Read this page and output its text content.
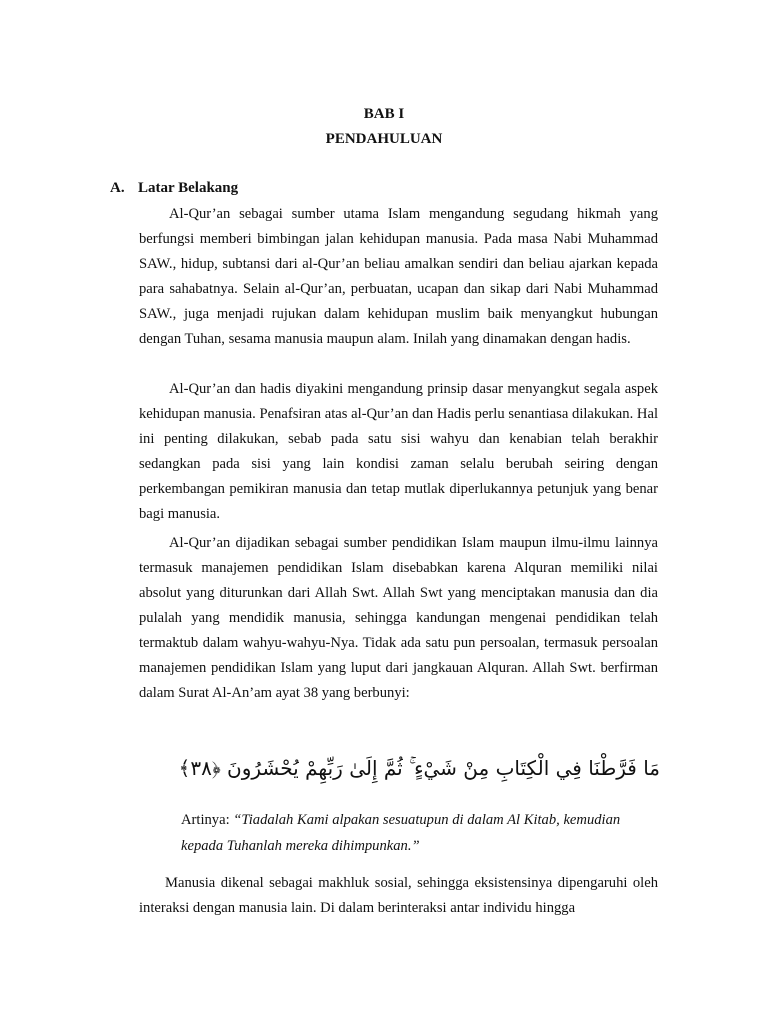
BAB I
PENDAHULUAN
A. Latar Belakang

Al-Qur’an sebagai sumber utama Islam mengandung segudang hikmah yang berfungsi memberi bimbingan jalan kehidupan manusia. Pada masa Nabi Muhammad SAW., hidup, subtansi dari al-Qur’an beliau amalkan sendiri dan beliau ajarkan kepada para sahabatnya. Selain al-Qur’an, perbuatan, ucapan dan sikap dari Nabi Muhammad SAW., juga menjadi rujukan dalam kehidupan muslim baik menyangkut hubungan dengan Tuhan, sesama manusia maupun alam. Inilah yang dinamakan dengan hadis.

Al-Qur’an dan hadis diyakini mengandung prinsip dasar menyangkut segala aspek kehidupan manusia. Penafsiran atas al-Qur’an dan Hadis perlu senantiasa dilakukan. Hal ini penting dilakukan, sebab pada satu sisi wahyu dan kenabian telah berakhir sedangkan pada sisi yang lain kondisi zaman selalu berubah seiring dengan perkembangan pemikiran manusia dan tetap mutlak diperlukannya petunjuk yang benar bagi manusia.

Al-Qur’an dijadikan sebagai sumber pendidikan Islam maupun ilmu-ilmu lainnya termasuk manajemen pendidikan Islam disebabkan karena Alquran memiliki nilai absolut yang diturunkan dari Allah Swt. Allah Swt yang menciptakan manusia dan dia pulalah yang mendidik manusia, sehingga kandungan mengenai pendidikan telah termaktub dalam wahyu-wahyu-Nya. Tidak ada satu pun persoalan, termasuk persoalan manajemen pendidikan Islam yang luput dari jangkauan Alquran. Allah Swt. berfirman dalam Surat Al-An’am ayat 38 yang berbunyi:

مَا فَرَّطْنَا فِي الْكِتَابِ مِنْ شَيْءٍ ۚ ثُمَّ إِلَىٰ رَبِّهِمْ يُحْشَرُونَ ﴿٣٨﴾

Artinya: “Tiadalah Kami alpakan sesuatupun di dalam Al Kitab, kemudian kepada Tuhanlah mereka dihimpunkan.”

Manusia dikenal sebagai makhluk sosial, sehingga eksistensinya dipengaruhi oleh interaksi dengan manusia lain. Di dalam berinteraksi antar individu hingga
